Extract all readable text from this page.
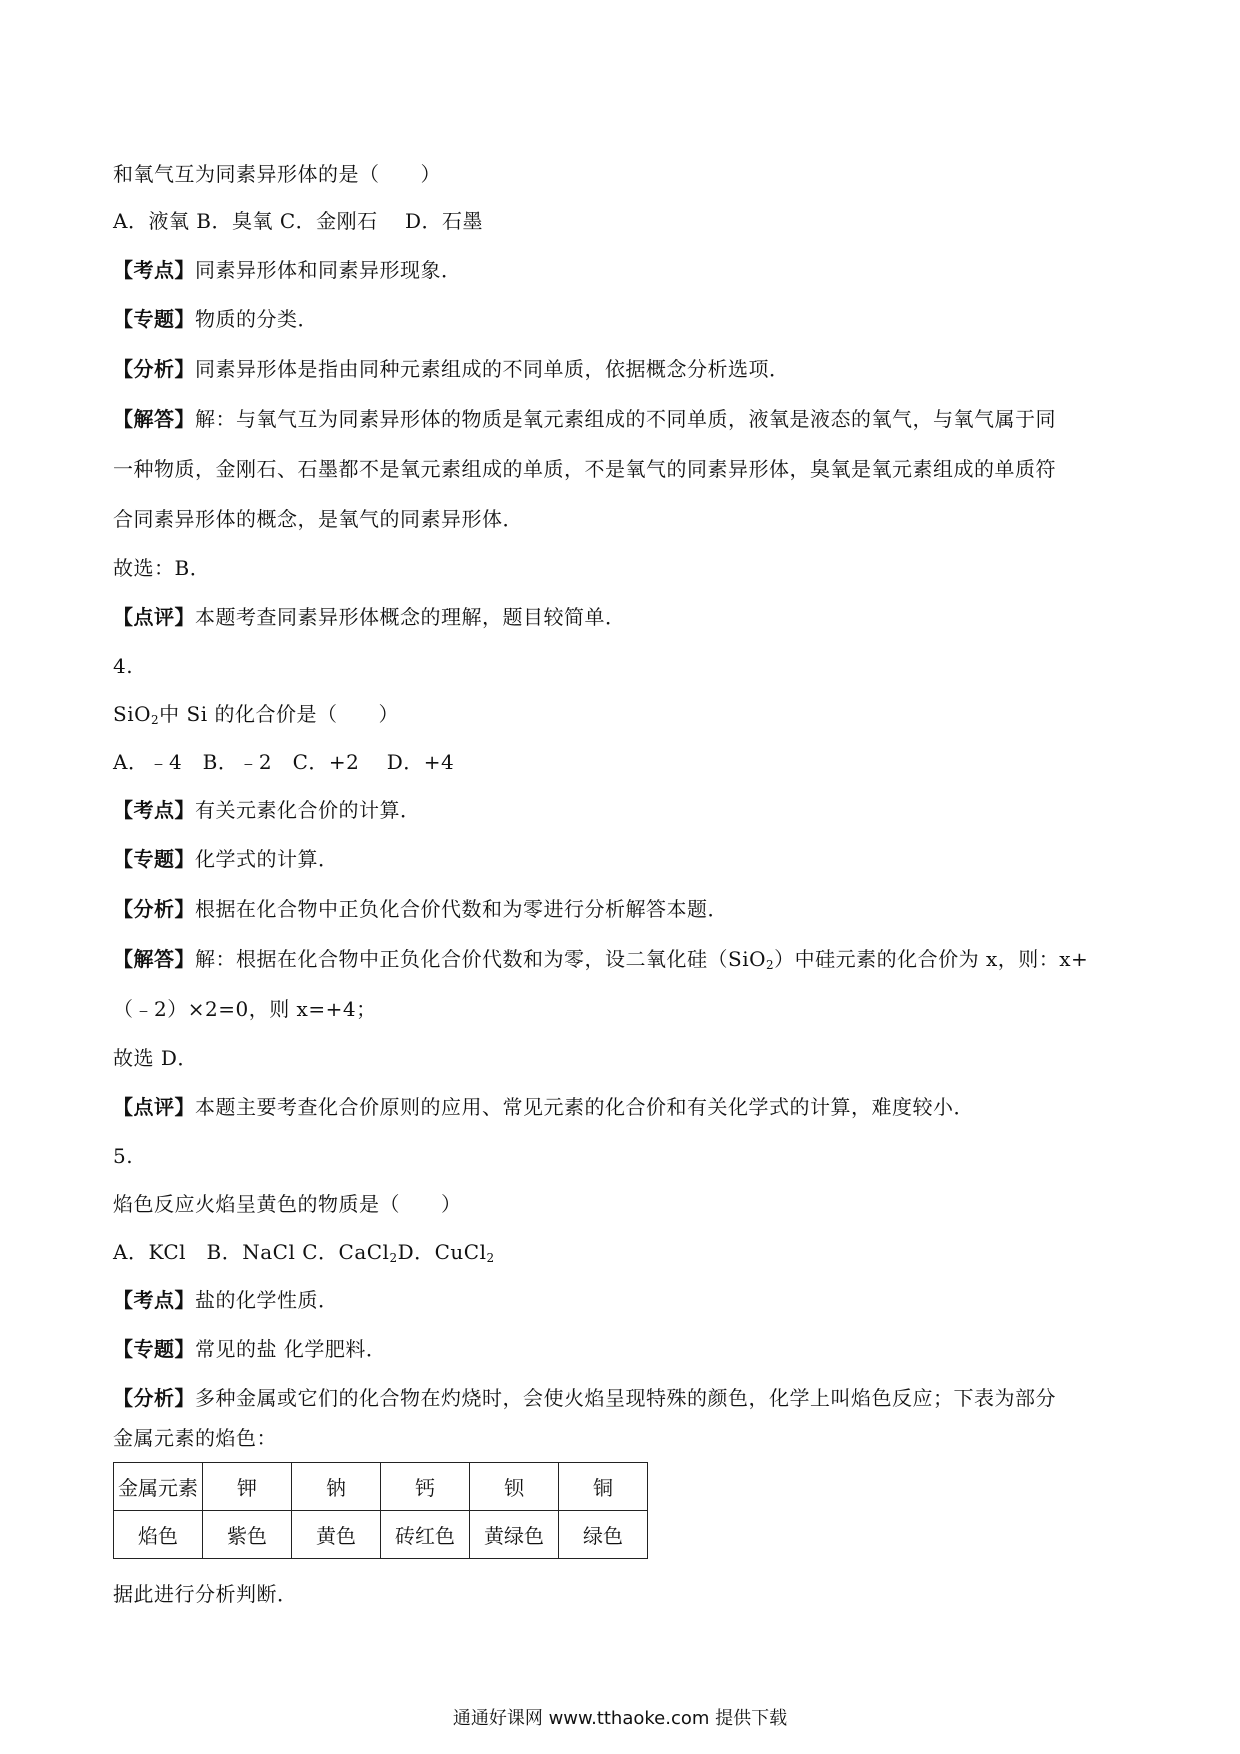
和氧气互为同素异形体的是（　　）
A．液氧 B．臭氧 C．金刚石　 D．石墨
【考点】同素异形体和同素异形现象．
【专题】物质的分类．
【分析】同素异形体是指由同种元素组成的不同单质，依据概念分析选项．
【解答】解：与氧气互为同素异形体的物质是氧元素组成的不同单质，液氧是液态的氧气，与氧气属于同
一种物质，金刚石、石墨都不是氧元素组成的单质，不是氧气的同素异形体，臭氧是氧元素组成的单质符
合同素异形体的概念，是氧气的同素异形体．
故选：B．
【点评】本题考查同素异形体概念的理解，题目较简单．
4.
SiO$_2$中 Si 的化合价是（　　）
A．﹣4　B．﹣2　C．+2　 D．+4
【考点】有关元素化合价的计算．
【专题】化学式的计算．
【分析】根据在化合物中正负化合价代数和为零进行分析解答本题．
【解答】解：根据在化合物中正负化合价代数和为零，设二氧化硅（SiO$_2$）中硅元素的化合价为 x，则：x+
（﹣2）×2=0，则 x=+4；
故选 D．
【点评】本题主要考查化合价原则的应用、常见元素的化合价和有关化学式的计算，难度较小．
5.
焰色反应火焰呈黄色的物质是（　　）
A．KCl　B．NaCl C．CaCl$_2$D．CuCl$_2$
【考点】盐的化学性质．
【专题】常见的盐 化学肥料．
【分析】多种金属或它们的化合物在灼烧时，会使火焰呈现特殊的颜色，化学上叫焰色反应；下表为部分
金属元素的焰色：
金属元素	钾	钠	钙	钡	铜
焰色	紫色	黄色	砖红色	黄绿色	绿色
据此进行分析判断．
通通好课网 www.tthaoke.com 提供下载
